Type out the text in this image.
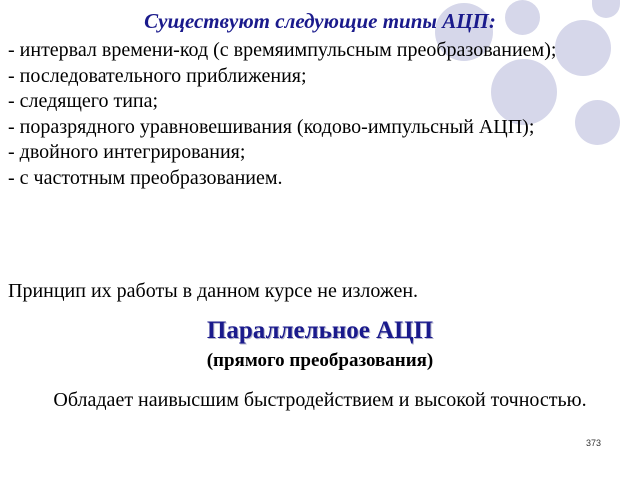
Существуют следующие типы АЦП:

- интервал времени-код (с времяимпульсным преобразованием);

- последовательного приближения;

- следящего типа;

- поразрядного уравновешивания (кодово-импульсный АЦП);

- двойного интегрирования;

- с частотным преобразованием.

Принцип их работы в данном курсе не изложен.
Параллельное АЦП
(прямого преобразования)
Обладает наивысшим быстродействием и высокой точностью.
373
